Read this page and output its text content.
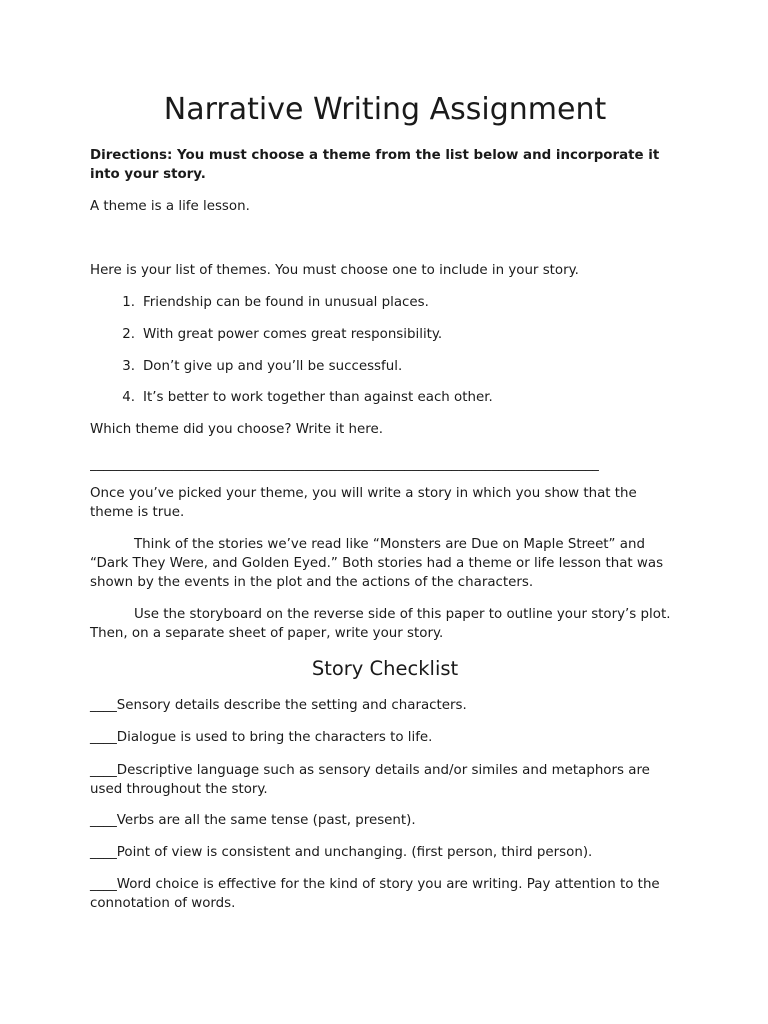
Narrative Writing Assignment

Directions: You must choose a theme from the list below and incorporate it into your story.

A theme is a life lesson.

Here is your list of themes. You must choose one to include in your story.

1. Friendship can be found in unusual places.
2. With great power comes great responsibility.
3. Don’t give up and you’ll be successful.
4. It’s better to work together than against each other.

Which theme did you choose? Write it here.

____________________________________________________________________________

Once you’ve picked your theme, you will write a story in which you show that the theme is true.

Think of the stories we’ve read like “Monsters are Due on Maple Street” and “Dark They Were, and Golden Eyed.” Both stories had a theme or life lesson that was shown by the events in the plot and the actions of the characters.

Use the storyboard on the reverse side of this paper to outline your story’s plot. Then, on a separate sheet of paper, write your story.

Story Checklist

____Sensory details describe the setting and characters.

____Dialogue is used to bring the characters to life.

____Descriptive language such as sensory details and/or similes and metaphors are used throughout the story.

____Verbs are all the same tense (past, present).

____Point of view is consistent and unchanging. (first person, third person).

____Word choice is effective for the kind of story you are writing. Pay attention to the connotation of words.
